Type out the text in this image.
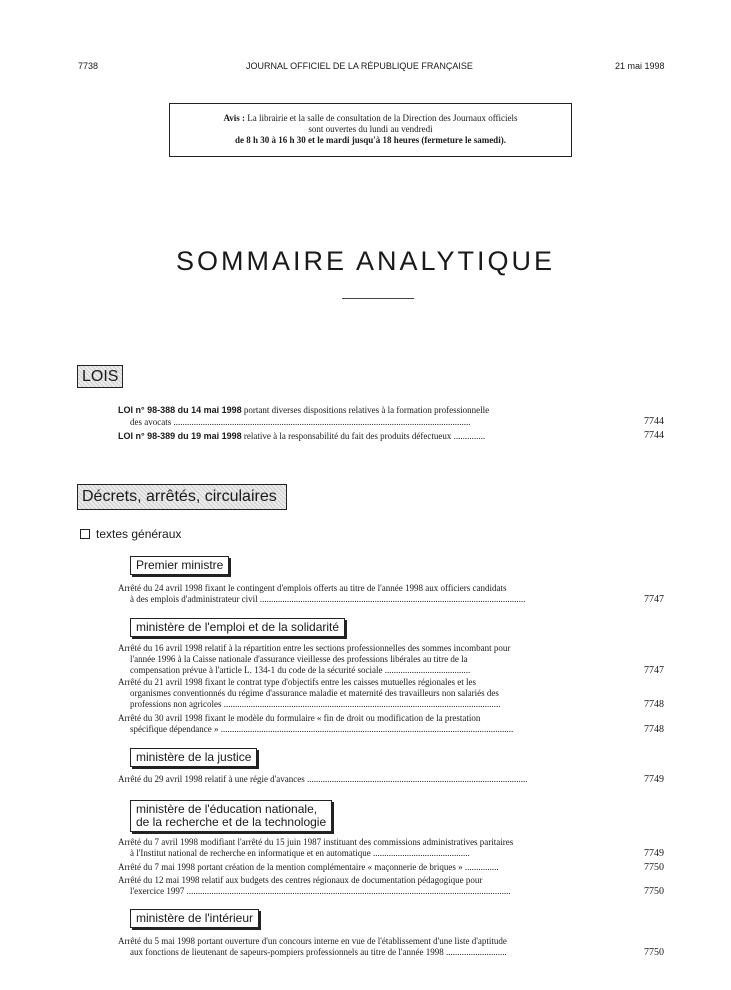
7738	JOURNAL OFFICIEL DE LA RÉPUBLIQUE FRANÇAISE	21 mai 1998
Avis : La librairie et la salle de consultation de la Direction des Journaux officiels
sont ouvertes du lundi au vendredi
de 8 h 30 à 16 h 30 et le mardi jusqu'à 18 heures (fermeture le samedi).
SOMMAIRE ANALYTIQUE
LOIS
LOI n° 98-388 du 14 mai 1998 portant diverses dispositions relatives à la formation professionnelle
des avocats ....................................................................................................................................	7744
LOI n° 98-389 du 19 mai 1998 relative à la responsabilité du fait des produits défectueux ..............	7744
Décrets, arrêtés, circulaires
textes généraux
Premier ministre
Arrêté du 24 avril 1998 fixant le contingent d'emplois offerts au titre de l'année 1998 aux officiers candidats
à des emplois d'administrateur civil ......................................................................................................................	7747
ministère de l'emploi et de la solidarité
Arrêté du 16 avril 1998 relatif à la répartition entre les sections professionnelles des sommes incombant pour
l'année 1996 à la Caisse nationale d'assurance vieillesse des professions libérales au titre de la
compensation prévue à l'article L. 134-1 du code de la sécurité sociale ......................................	7747
Arrêté du 21 avril 1998 fixant le contrat type d'objectifs entre les caisses mutuelles régionales et les
organismes conventionnés du régime d'assurance maladie et maternité des travailleurs non salariés des
professions non agricoles ...........................................................................................................................	7748
Arrêté du 30 avril 1998 fixant le modèle du formulaire « fin de droit ou modification de la prestation
spécifique dépendance » ..................................................................................................................................	7748
ministère de la justice
Arrêté du 29 avril 1998 relatif à une régie d'avances ..................................................................................................	7749
ministère de l'éducation nationale,
de la recherche et de la technologie
Arrêté du 7 avril 1998 modifiant l'arrêté du 15 juin 1987 instituant des commissions administratives paritaires
à l'Institut national de recherche en informatique et en automatique ...........................................	7749
Arrêté du 7 mai 1998 portant création de la mention complémentaire « maçonnerie de briques » ...............	7750
Arrêté du 12 mai 1998 relatif aux budgets des centres régionaux de documentation pédagogique pour
l'exercice 1997 ................................................................................................................................................	7750
ministère de l'intérieur
Arrêté du 5 mai 1998 portant ouverture d'un concours interne en vue de l'établissement d'une liste d'aptitude
aux fonctions de lieutenant de sapeurs-pompiers professionnels au titre de l'année 1998 ...........................	7750
